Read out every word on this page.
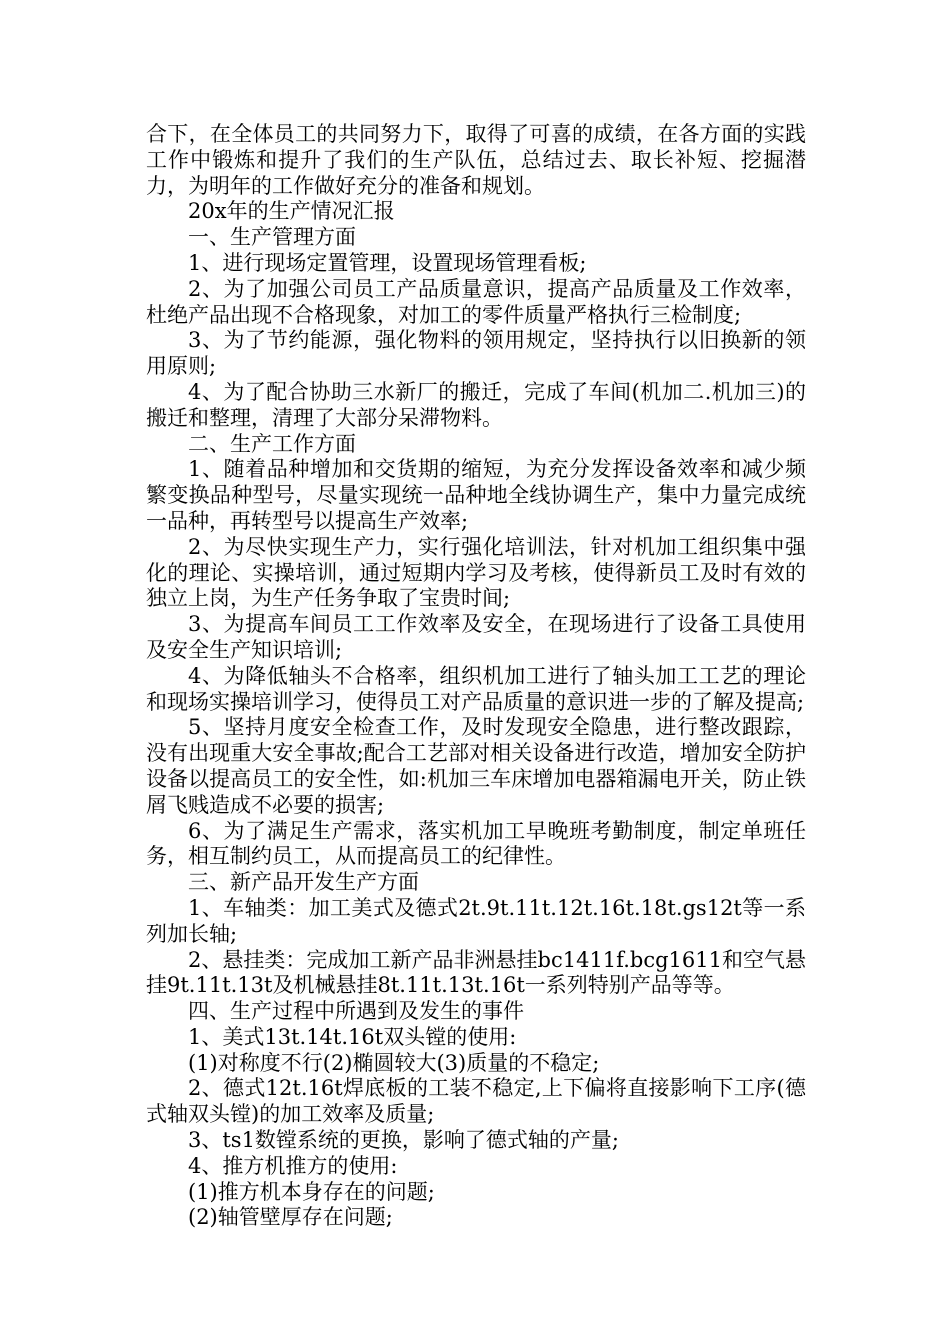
合下，在全体员工的共同努力下，取得了可喜的成绩，在各方面的实践工作中锻炼和提升了我们的生产队伍，总结过去、取长补短、挖掘潜力，为明年的工作做好充分的准备和规划。

20x年的生产情况汇报

一、生产管理方面

1、进行现场定置管理，设置现场管理看板;

2、为了加强公司员工产品质量意识，提高产品质量及工作效率，杜绝产品出现不合格现象，对加工的零件质量严格执行三检制度;

3、为了节约能源，强化物料的领用规定，坚持执行以旧换新的领用原则;

4、为了配合协助三水新厂的搬迁，完成了车间(机加二.机加三)的搬迁和整理，清理了大部分呆滞物料。

二、生产工作方面

1、随着品种增加和交货期的缩短，为充分发挥设备效率和减少频繁变换品种型号，尽量实现统一品种地全线协调生产，集中力量完成统一品种，再转型号以提高生产效率;

2、为尽快实现生产力，实行强化培训法，针对机加工组织集中强化的理论、实操培训，通过短期内学习及考核，使得新员工及时有效的独立上岗，为生产任务争取了宝贵时间;

3、为提高车间员工工作效率及安全，在现场进行了设备工具使用及安全生产知识培训;

4、为降低轴头不合格率，组织机加工进行了轴头加工工艺的理论和现场实操培训学习，使得员工对产品质量的意识进一步的了解及提高;

5、坚持月度安全检查工作，及时发现安全隐患，进行整改跟踪，没有出现重大安全事故;配合工艺部对相关设备进行改造，增加安全防护设备以提高员工的安全性，如:机加三车床增加电器箱漏电开关，防止铁屑飞贱造成不必要的损害;

6、为了满足生产需求，落实机加工早晚班考勤制度，制定单班任务，相互制约员工，从而提高员工的纪律性。

三、新产品开发生产方面

1、车轴类：加工美式及德式2t.9t.11t.12t.16t.18t.gs12t等一系列加长轴;

2、悬挂类：完成加工新产品非洲悬挂bc1411f.bcg1611和空气悬挂9t.11t.13t及机械悬挂8t.11t.13t.16t一系列特别产品等等。

四、生产过程中所遇到及发生的事件

1、美式13t.14t.16t双头镗的使用:

(1)对称度不行(2)椭圆较大(3)质量的不稳定;

2、德式12t.16t焊底板的工装不稳定,上下偏将直接影响下工序(德式轴双头镗)的加工效率及质量;

3、ts1数镗系统的更换，影响了德式轴的产量;

4、推方机推方的使用:

(1)推方机本身存在的问题;

(2)轴管壁厚存在问题;
